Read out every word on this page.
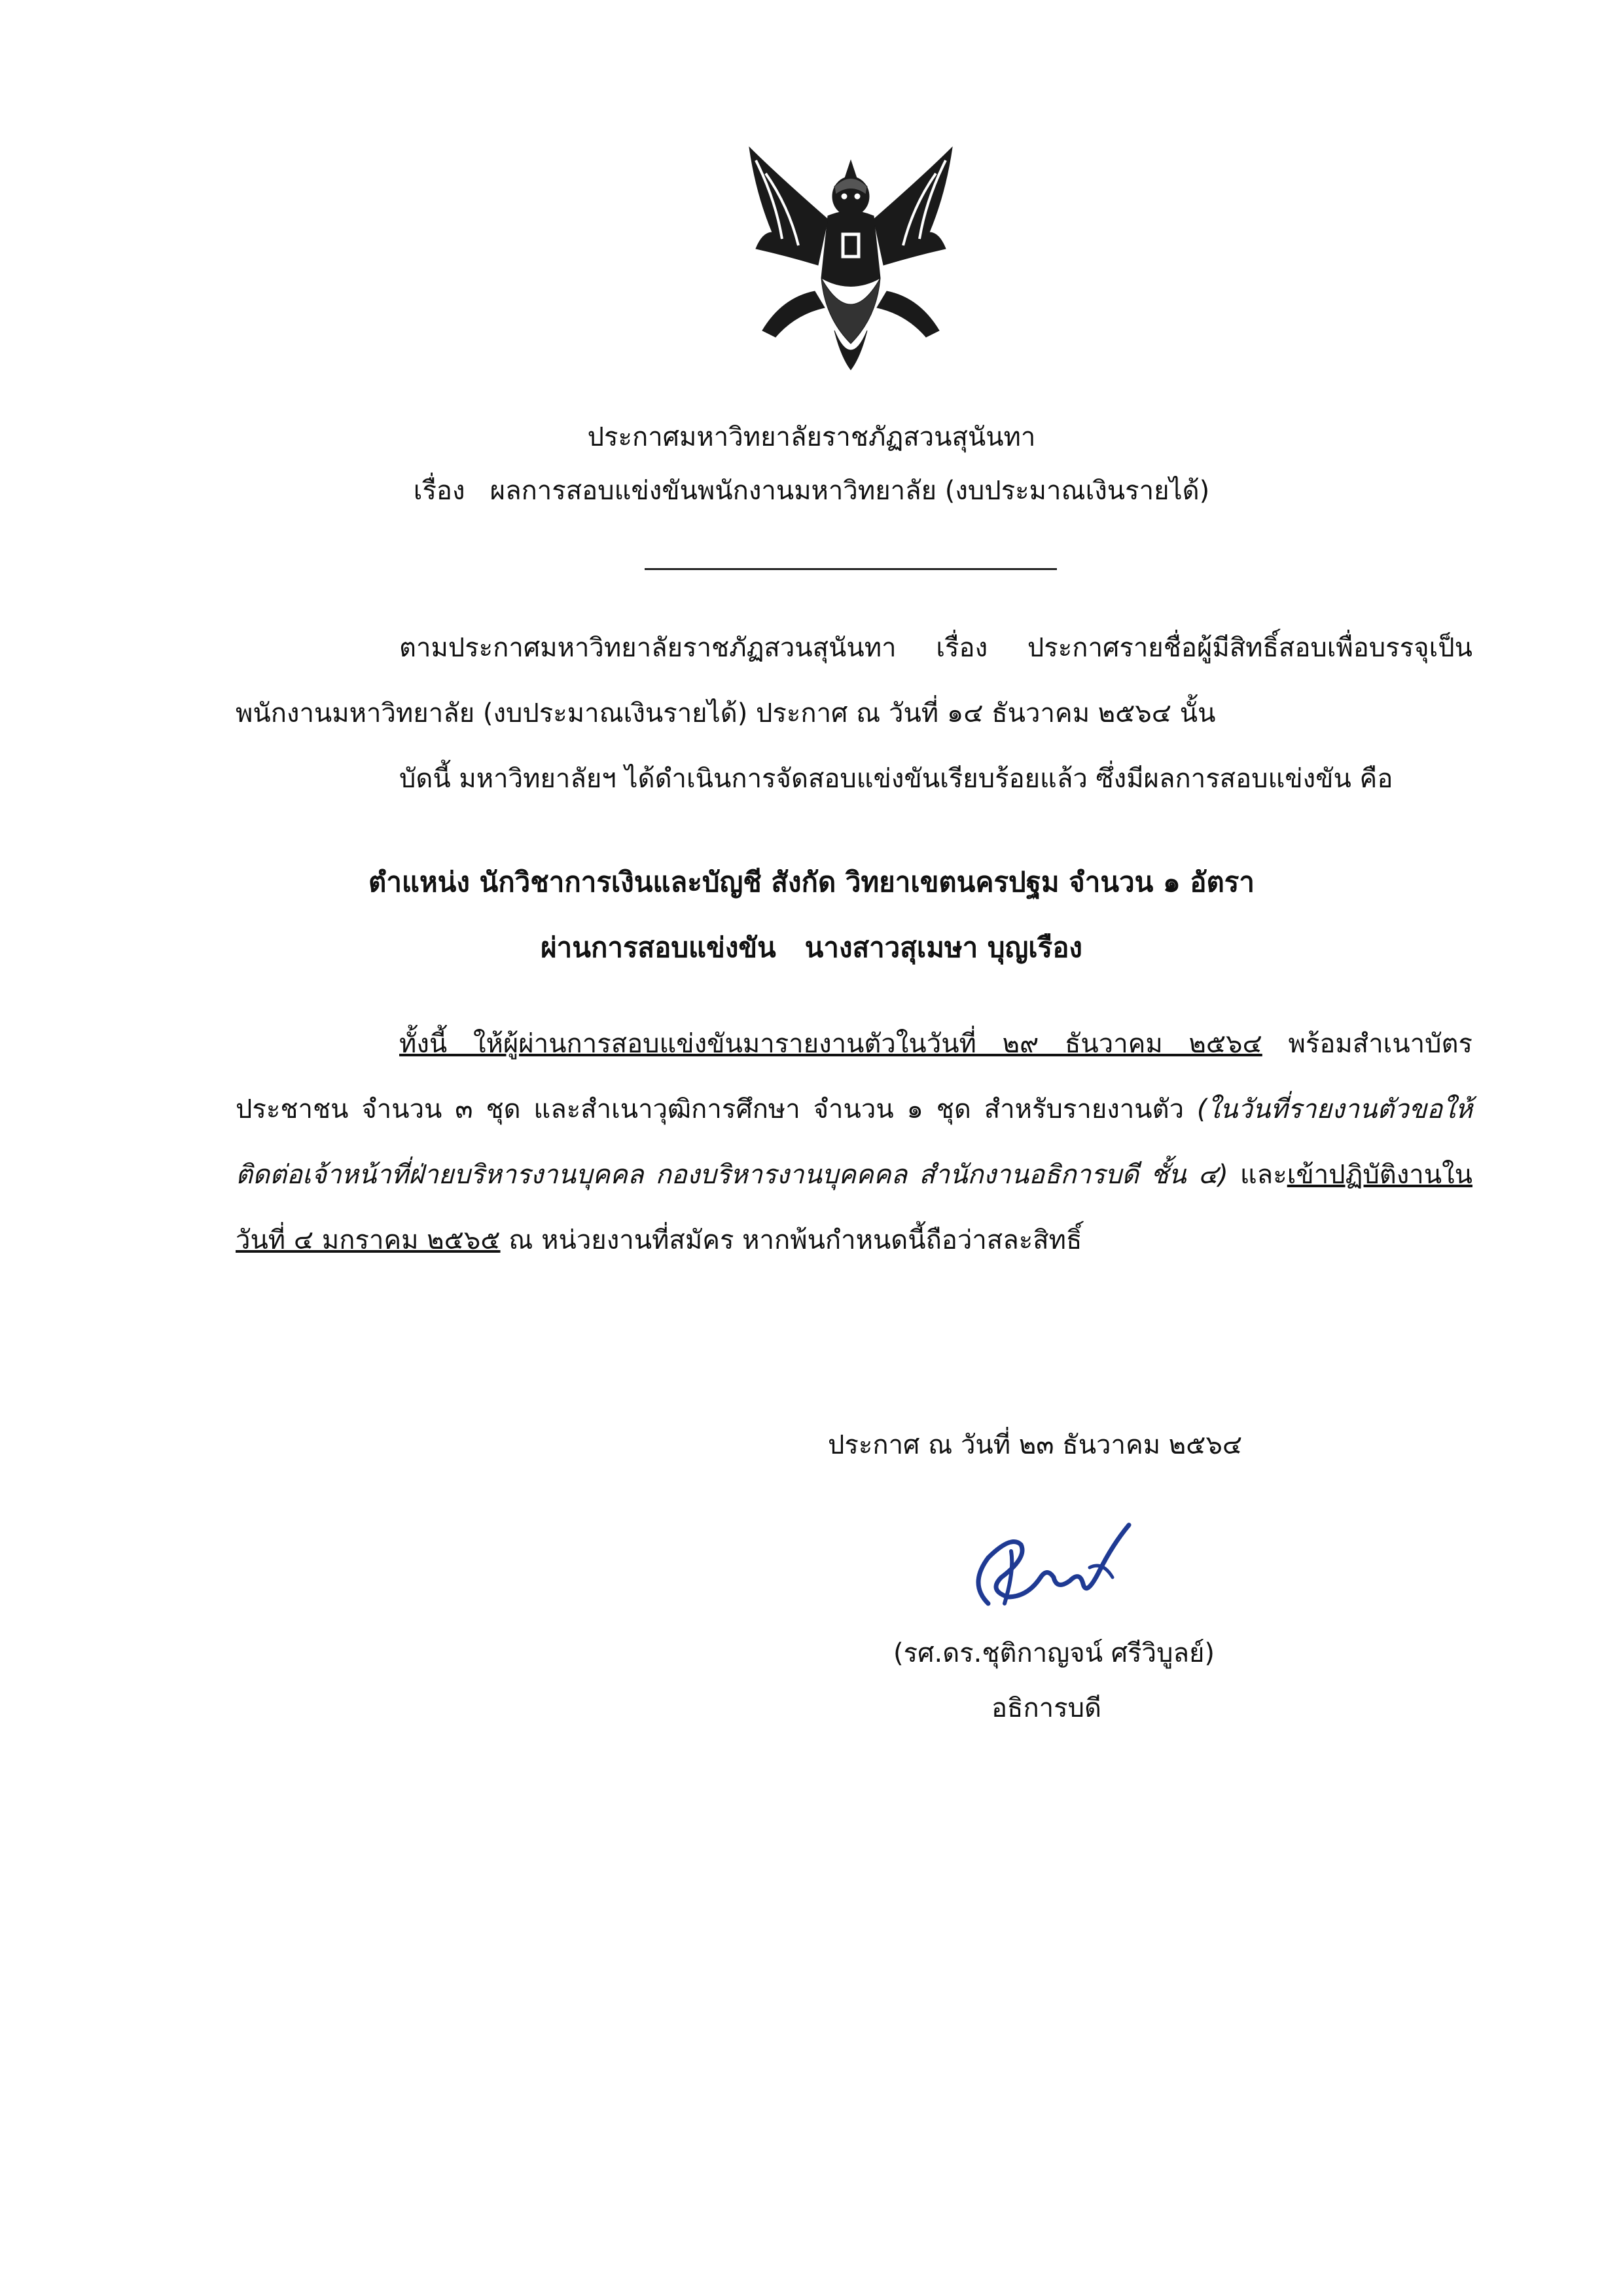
ประกาศมหาวิทยาลัยราชภัฏสวนสุนันทา
เรื่อง ผลการสอบแข่งขันพนักงานมหาวิทยาลัย (งบประมาณเงินรายได้)

ตามประกาศมหาวิทยาลัยราชภัฏสวนสุนันทา เรื่อง ประกาศรายชื่อผู้มีสิทธิ์สอบเพื่อบรรจุเป็นพนักงานมหาวิทยาลัย (งบประมาณเงินรายได้) ประกาศ ณ วันที่ ๑๔ ธันวาคม ๒๕๖๔ นั้น

บัดนี้ มหาวิทยาลัยฯ ได้ดำเนินการจัดสอบแข่งขันเรียบร้อยแล้ว ซึ่งมีผลการสอบแข่งขัน คือ

ตำแหน่ง นักวิชาการเงินและบัญชี สังกัด วิทยาเขตนครปฐม จำนวน ๑ อัตรา
ผ่านการสอบแข่งขัน นางสาวสุเมษา บุญเรือง

ทั้งนี้ ให้ผู้ผ่านการสอบแข่งขันมารายงานตัวในวันที่ ๒๙ ธันวาคม ๒๕๖๔ พร้อมสำเนาบัตรประชาชน จำนวน ๓ ชุด และสำเนาวุฒิการศึกษา จำนวน ๑ ชุด สำหรับรายงานตัว (ในวันที่รายงานตัวขอให้ติดต่อเจ้าหน้าที่ฝ่ายบริหารงานบุคคล กองบริหารงานบุคคคล สำนักงานอธิการบดี ชั้น ๔) และเข้าปฏิบัติงานในวันที่ ๔ มกราคม ๒๕๖๕ ณ หน่วยงานที่สมัคร หากพ้นกำหนดนี้ถือว่าสละสิทธิ์

ประกาศ ณ วันที่ ๒๓ ธันวาคม ๒๕๖๔
(รศ.ดร.ชุติกาญจน์ ศรีวิบูลย์)
อธิการบดี
